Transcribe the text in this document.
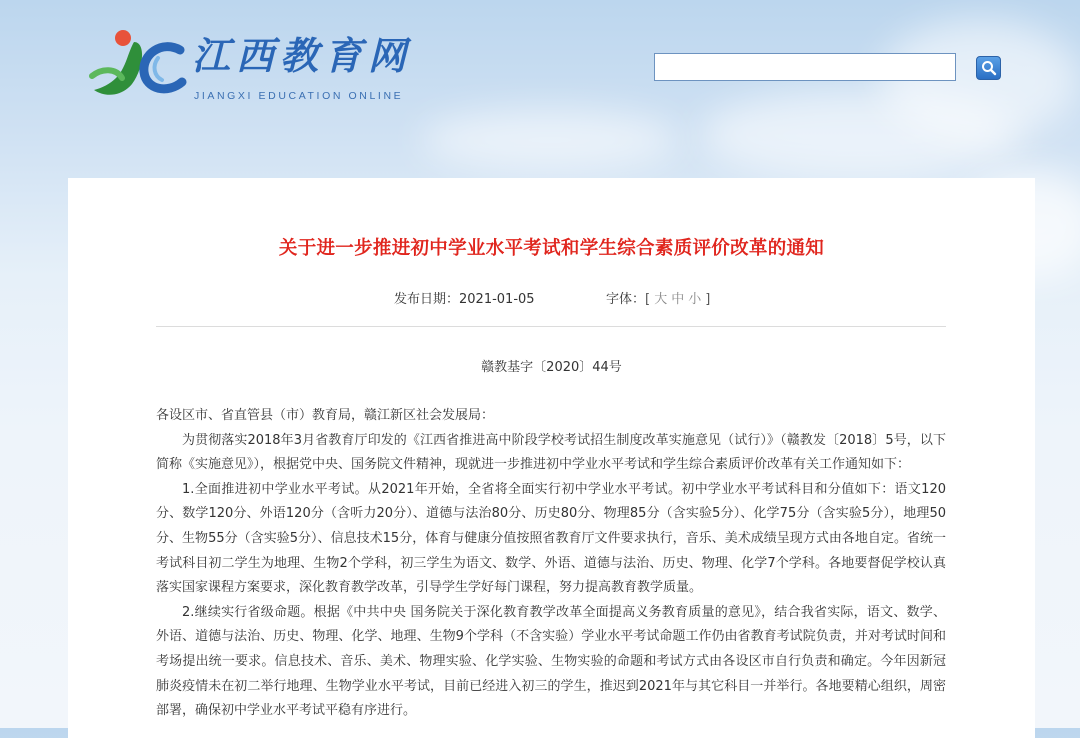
江西教育网
JIANGXI EDUCATION ONLINE
关于进一步推进初中学业水平考试和学生综合素质评价改革的通知
发布日期：2021-01-05	字体：[ 大中小]
赣教基字〔2020〕44号

各设区市、省直管县（市）教育局，赣江新区社会发展局：

为贯彻落实2018年3月省教育厅印发的《江西省推进高中阶段学校考试招生制度改革实施意见（试行）》（赣教发〔2018〕5号，以下简称《实施意见》），根据党中央、国务院文件精神，现就进一步推进初中学业水平考试和学生综合素质评价改革有关工作通知如下：

1.全面推进初中学业水平考试。从2021年开始，全省将全面实行初中学业水平考试。初中学业水平考试科目和分值如下：语文120分、数学120分、外语120分（含听力20分）、道德与法治80分、历史80分、物理85分（含实验5分）、化学75分（含实验5分），地理50分、生物55分（含实验5分）、信息技术15分，体育与健康分值按照省教育厅文件要求执行，音乐、美术成绩呈现方式由各地自定。省统一考试科目初二学生为地理、生物2个学科，初三学生为语文、数学、外语、道德与法治、历史、物理、化学7个学科。各地要督促学校认真落实国家课程方案要求，深化教育教学改革，引导学生学好每门课程，努力提高教育教学质量。

2.继续实行省级命题。根据《中共中央 国务院关于深化教育教学改革全面提高义务教育质量的意见》，结合我省实际，语文、数学、外语、道德与法治、历史、物理、化学、地理、生物9个学科（不含实验）学业水平考试命题工作仍由省教育考试院负责，并对考试时间和考场提出统一要求。信息技术、音乐、美术、物理实验、化学实验、生物实验的命题和考试方式由各设区市自行负责和确定。今年因新冠肺炎疫情未在初二举行地理、生物学业水平考试，目前已经进入初三的学生，推迟到2021年与其它科目一并举行。各地要精心组织，周密部署，确保初中学业水平考试平稳有序进行。
